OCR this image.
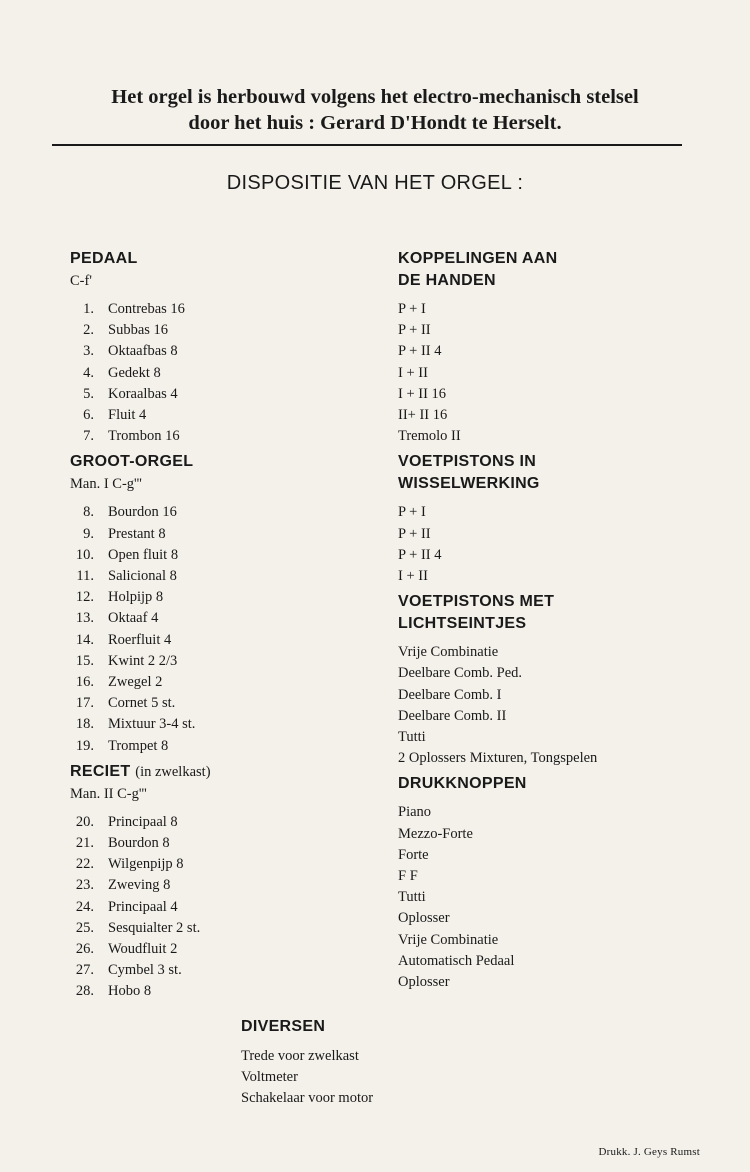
Het orgel is herbouwd volgens het electro-mechanisch stelsel
door het huis : Gerard D'Hondt te Herselt.
DISPOSITIE VAN HET ORGEL :
PEDAAL
C-f'
1. Contrebas 16
2. Subbas 16
3. Oktaafbas 8
4. Gedekt 8
5. Koraalbas 4
6. Fluit 4
7. Trombon 16
GROOT-ORGEL
Man. I C-g'''
8. Bourdon 16
9. Prestant 8
10. Open fluit 8
11. Salicional 8
12. Holpijp 8
13. Oktaaf 4
14. Roerfluit 4
15. Kwint 2 2/3
16. Zwegel 2
17. Cornet 5 st.
18. Mixtuur 3-4 st.
19. Trompet 8
RECIET (in zwelkast)
Man. II C-g'''
20. Principaal 8
21. Bourdon 8
22. Wilgenpijp 8
23. Zweving 8
24. Principaal 4
25. Sesquialter 2 st.
26. Woudfluit 2
27. Cymbel 3 st.
28. Hobo 8
KOPPELINGEN AAN
DE HANDEN
P + I
P + II
P + II 4
I + II
I + II 16
II+ II 16
Tremolo II
VOETPISTONS IN
WISSELWERKING
P + I
P + II
P + II 4
I + II
VOETPISTONS MET
LICHTSEINTJES
Vrije Combinatie
Deelbare Comb. Ped.
Deelbare Comb. I
Deelbare Comb. II
Tutti
2 Oplossers Mixturen, Tongspelen
DRUKKNOPPEN
Piano
Mezzo-Forte
Forte
F F
Tutti
Oplosser
Vrije Combinatie
Automatisch Pedaal
Oplosser
DIVERSEN
Trede voor zwelkast
Voltmeter
Schakelaar voor motor
Drukk. J. Geys Rumst
